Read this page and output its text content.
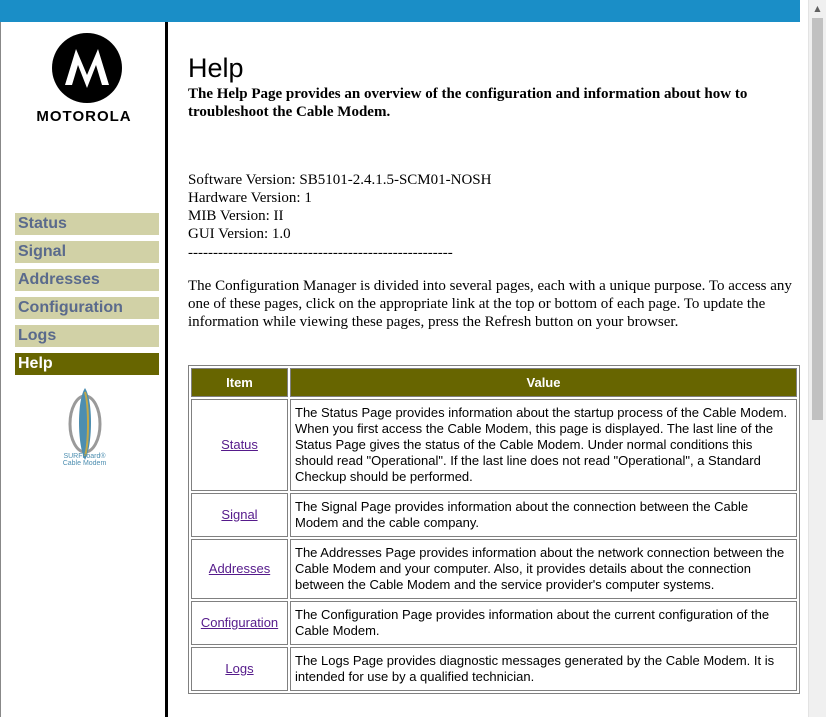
MOTOROLA
Status
Signal
Addresses
Configuration
Logs
Help
SURFboard®
Cable Modem
Help
The Help Page provides an overview of the configuration and information about how to troubleshoot the Cable Modem.
Software Version: SB5101-2.4.1.5-SCM01-NOSH
Hardware Version: 1
MIB Version: II
GUI Version: 1.0
-----------------------------------------------------
The Configuration Manager is divided into several pages, each with a unique purpose. To access any one of these pages, click on the appropriate link at the top or bottom of each page. To update the information while viewing these pages, press the Refresh button on your browser.
Item	Value
Status	The Status Page provides information about the startup process of the Cable Modem. When you first access the Cable Modem, this page is displayed. The last line of the Status Page gives the status of the Cable Modem. Under normal conditions this should read "Operational". If the last line does not read "Operational", a Standard Checkup should be performed.
Signal	The Signal Page provides information about the connection between the Cable Modem and the cable company.
Addresses	The Addresses Page provides information about the network connection between the Cable Modem and your computer. Also, it provides details about the connection between the Cable Modem and the service provider's computer systems.
Configuration	The Configuration Page provides information about the current configuration of the Cable Modem.
Logs	The Logs Page provides diagnostic messages generated by the Cable Modem. It is intended for use by a qualified technician.
▲
